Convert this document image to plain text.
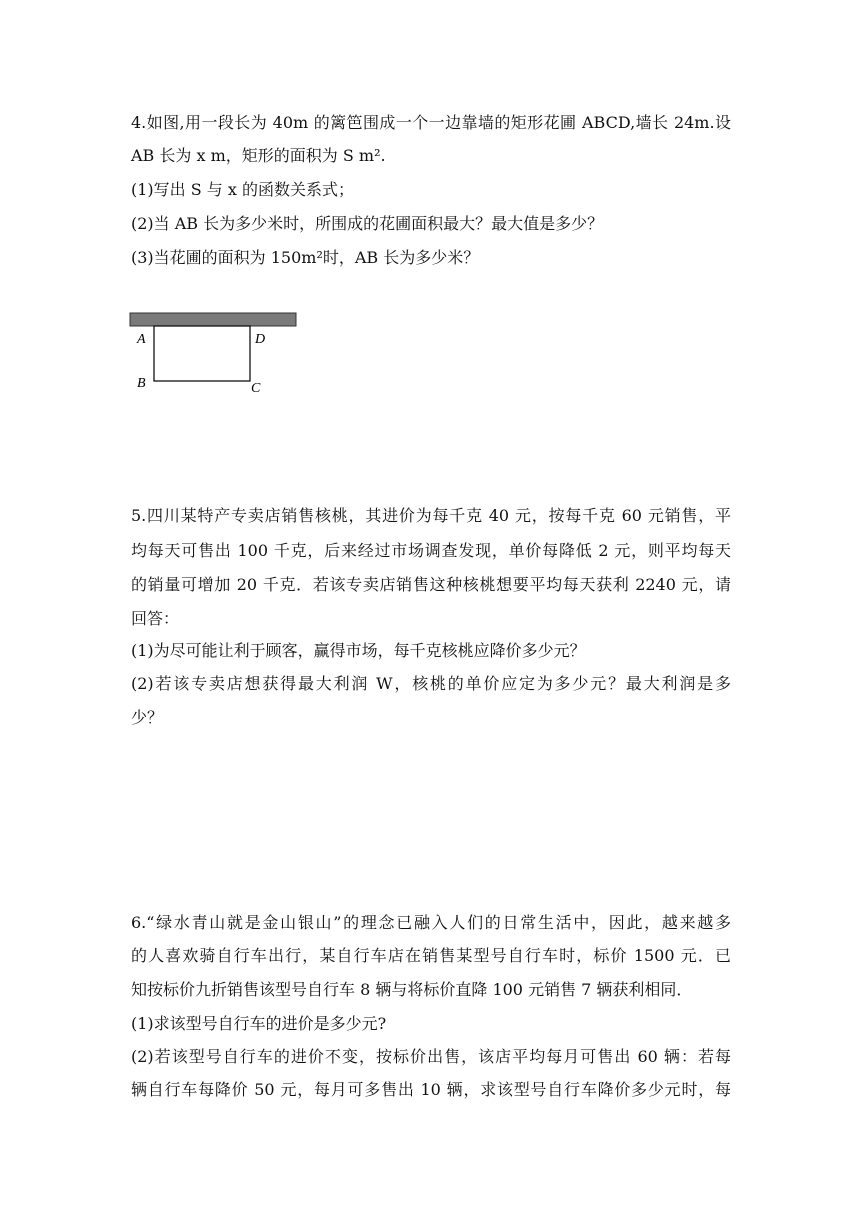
4.如图,用一段长为 40m 的篱笆围成一个一边靠墙的矩形花圃 ABCD,墙长 24m.设
AB 长为 x m，矩形的面积为 S m².
(1)写出 S 与 x 的函数关系式；
(2)当 AB 长为多少米时，所围成的花圃面积最大？最大值是多少？
(3)当花圃的面积为 150m²时，AB 长为多少米？
A	D
B	C
5.四川某特产专卖店销售核桃，其进价为每千克 40 元，按每千克 60 元销售，平
均每天可售出 100 千克，后来经过市场调查发现，单价每降低 2 元，则平均每天
的销量可增加 20 千克．若该专卖店销售这种核桃想要平均每天获利 2240 元，请
回答：
(1)为尽可能让利于顾客，赢得市场，每千克核桃应降价多少元？
(2)若该专卖店想获得最大利润 W，核桃的单价应定为多少元？最大利润是多
少？
6.“绿水青山就是金山银山”的理念已融入人们的日常生活中，因此，越来越多
的人喜欢骑自行车出行，某自行车店在销售某型号自行车时，标价 1500 元．已
知按标价九折销售该型号自行车 8 辆与将标价直降 100 元销售 7 辆获利相同．
(1)求该型号自行车的进价是多少元?
(2)若该型号自行车的进价不变，按标价出售，该店平均每月可售出 60 辆：若每
辆自行车每降价 50 元，每月可多售出 10 辆，求该型号自行车降价多少元时，每
